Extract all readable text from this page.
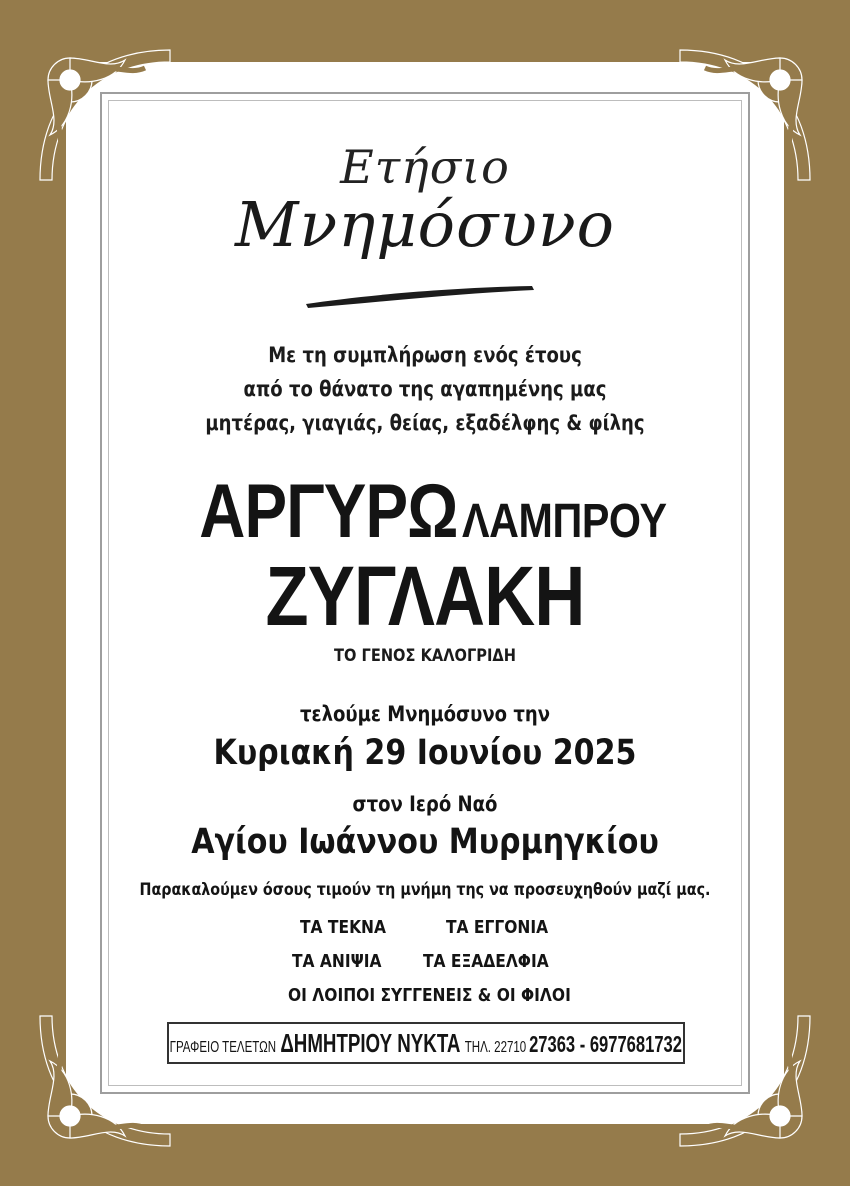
Ετήσιο
Μνημόσυνο
Με τη συμπλήρωση ενός έτους
από το θάνατο της αγαπημένης μας
μητέρας, γιαγιάς, θείας, εξαδέλφης & φίλης
ΑΡΓΥΡΩΛΑΜΠΡΟΥ
ΖΥΓΛΑΚΗ
ΤΟ ΓΕΝΟΣ ΚΑΛΟΓΡΙΔΗ
τελούμε Μνημόσυνο την
Κυριακή 29 Ιουνίου 2025
στον Ιερό Ναό
Αγίου Ιωάννου Μυρμηγκίου
Παρακαλούμεν όσους τιμούν τη μνήμη της να προσευχηθούν μαζί μας.
ΤΑ ΤΕΚΝΑ	ΤΑ ΕΓΓΟΝΙΑ
ΤΑ ΑΝΙΨΙΑ ΤΑ ΕΞΑΔΕΛΦΙΑ
ΟΙ ΛΟΙΠΟΙ ΣΥΓΓΕΝΕΙΣ & ΟΙ ΦΙΛΟΙ
ΓΡΑΦΕΙΟ ΤΕΛΕΤΩΝ ΔΗΜΗΤΡΙΟΥ ΝΥΚΤΑ ΤΗΛ. 22710 27363 - 6977681732
